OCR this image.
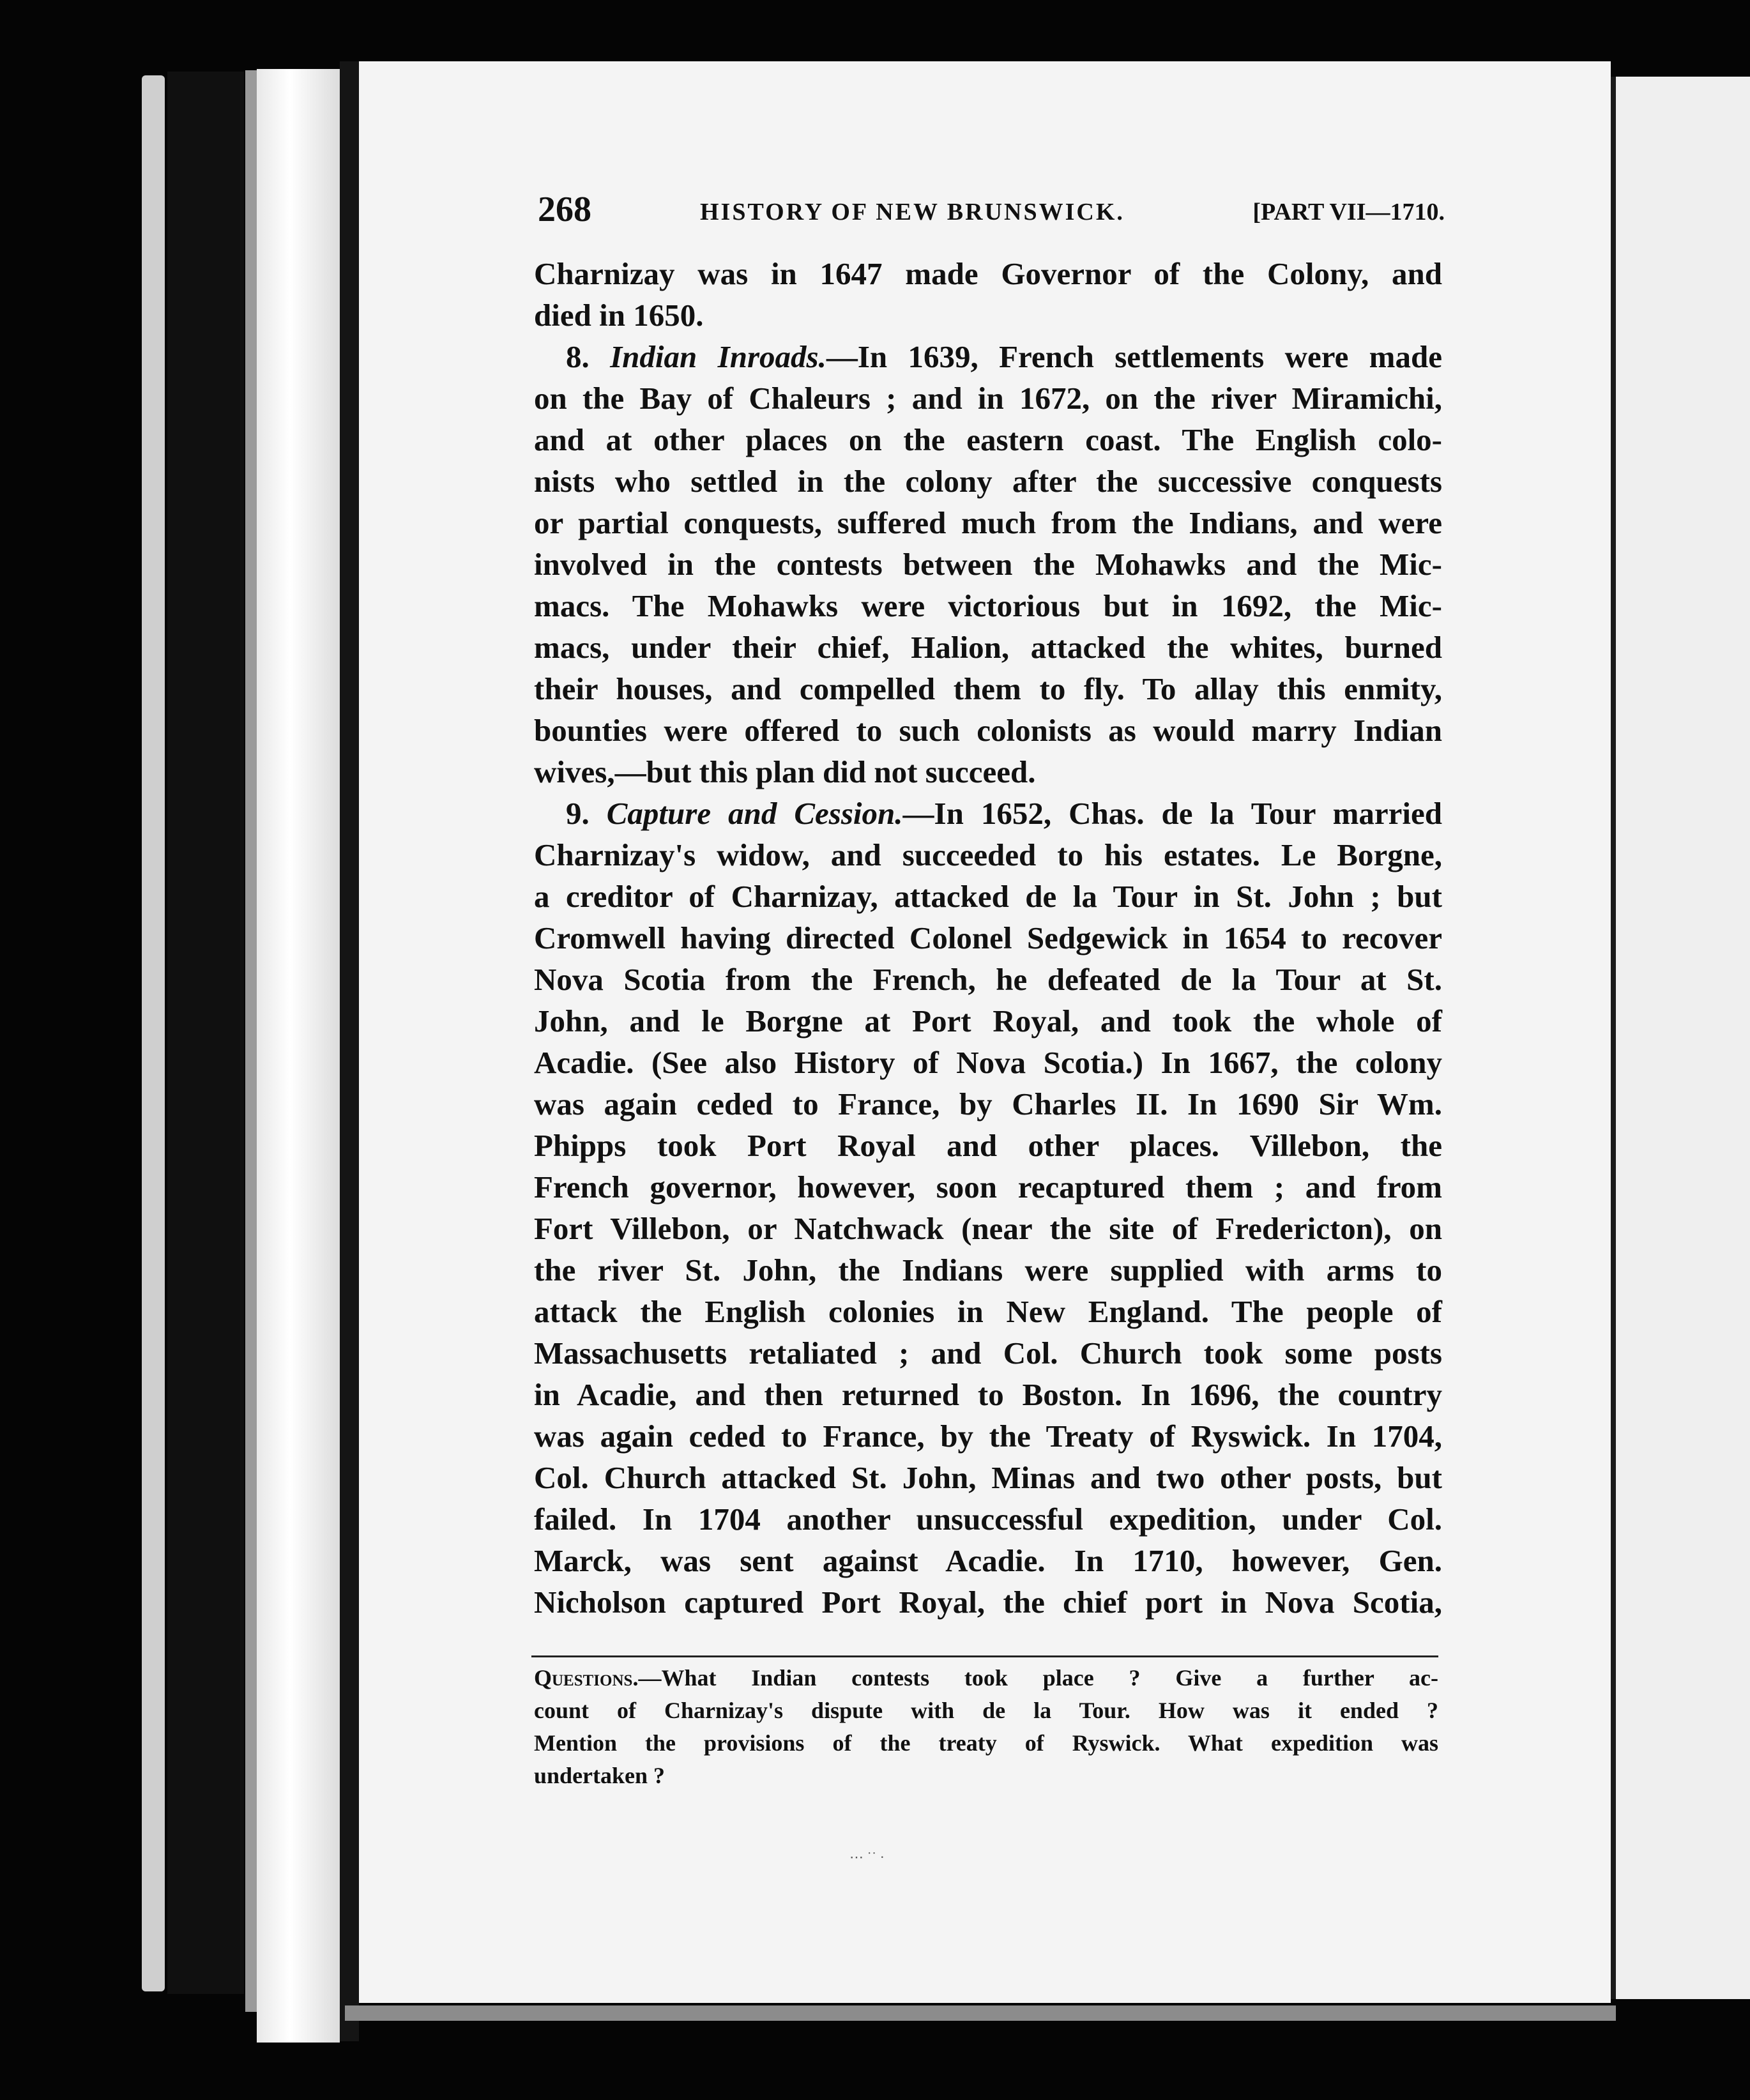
268	HISTORY OF NEW BRUNSWICK.	[PART VII—1710.

Charnizay was in 1647 made Governor of the Colony, and

died in 1650.

8. Indian Inroads.—In 1639, French settlements were made

on the Bay of Chaleurs ; and in 1672, on the river Miramichi,

and at other places on the eastern coast. The English colo-

nists who settled in the colony after the successive conquests

or partial conquests, suffered much from the Indians, and were

involved in the contests between the Mohawks and the Mic-

macs. The Mohawks were victorious but in 1692, the Mic-

macs, under their chief, Halion, attacked the whites, burned

their houses, and compelled them to fly. To allay this enmity,

bounties were offered to such colonists as would marry Indian

wives,—but this plan did not succeed.

9. Capture and Cession.—In 1652, Chas. de la Tour married

Charnizay's widow, and succeeded to his estates. Le Borgne,

a creditor of Charnizay, attacked de la Tour in St. John ; but

Cromwell having directed Colonel Sedgewick in 1654 to recover

Nova Scotia from the French, he defeated de la Tour at St.

John, and le Borgne at Port Royal, and took the whole of

Acadie. (See also History of Nova Scotia.) In 1667, the colony

was again ceded to France, by Charles II. In 1690 Sir Wm.

Phipps took Port Royal and other places. Villebon, the

French governor, however, soon recaptured them ; and from

Fort Villebon, or Natchwack (near the site of Fredericton), on

the river St. John, the Indians were supplied with arms to

attack the English colonies in New England. The people of

Massachusetts retaliated ; and Col. Church took some posts

in Acadie, and then returned to Boston. In 1696, the country

was again ceded to France, by the Treaty of Ryswick. In 1704,

Col. Church attacked St. John, Minas and two other posts, but

failed. In 1704 another unsuccessful expedition, under Col.

Marck, was sent against Acadie. In 1710, however, Gen.

Nicholson captured Port Royal, the chief port in Nova Scotia,

Questions.—What Indian contests took place ? Give a further ac-

count of Charnizay's dispute with de la Tour. How was it ended ?

Mention the provisions of the treaty of Ryswick. What expedition was

undertaken ?

⋯ ˙˙ ·
